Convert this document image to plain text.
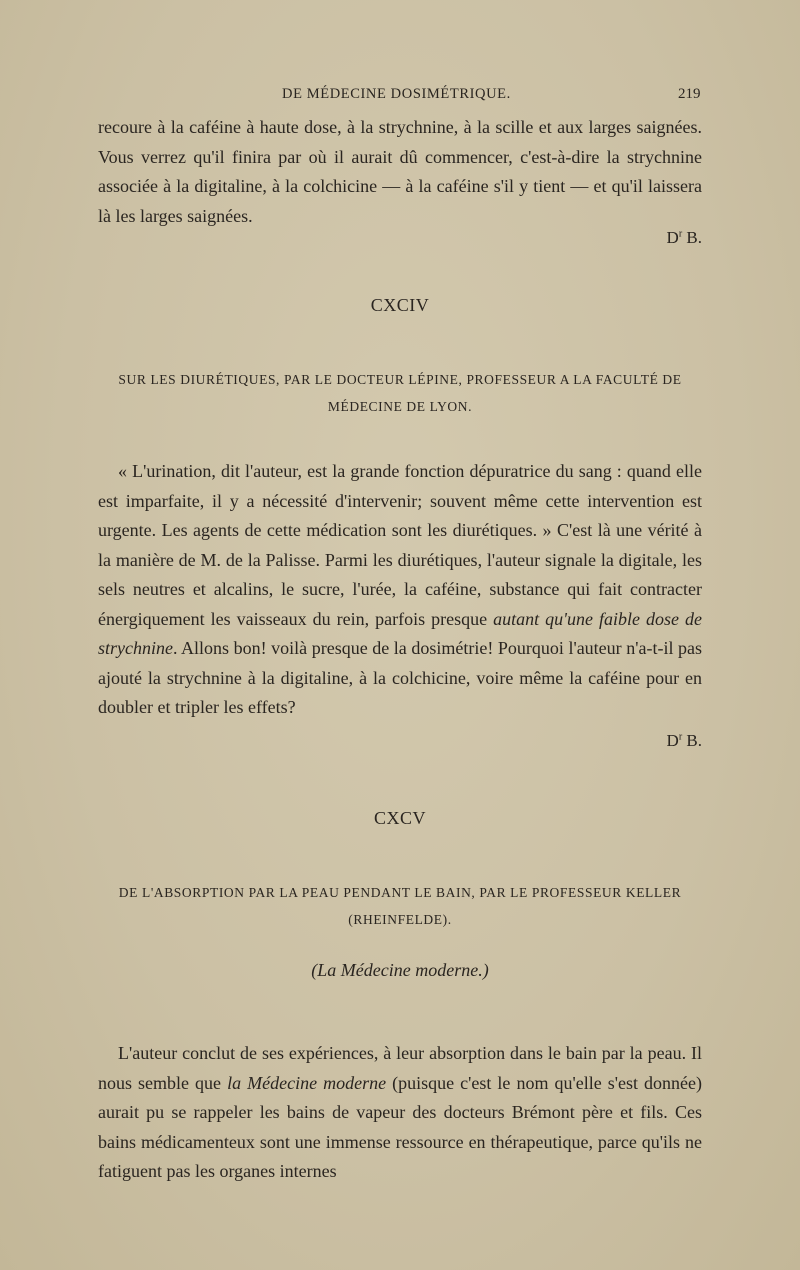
DE MÉDECINE DOSIMÉTRIQUE.	219

recoure à la caféine à haute dose, à la strychnine, à la scille et aux larges saignées. Vous verrez qu'il finira par où il aurait dû commencer, c'est-à-dire la strychnine associée à la digitaline, à la colchicine — à la caféine s'il y tient — et qu'il laissera là les larges saignées.

$D^r$ B.
CXCIV
SUR LES DIURÉTIQUES, PAR LE DOCTEUR LÉPINE, PROFESSEUR A LA FACULTÉ DE MÉDECINE DE LYON.

« L'urination, dit l'auteur, est la grande fonction dépuratrice du sang : quand elle est imparfaite, il y a nécessité d'intervenir; souvent même cette intervention est urgente. Les agents de cette médication sont les diurétiques. » C'est là une vérité à la manière de M. de la Palisse. Parmi les diurétiques, l'auteur signale la digitale, les sels neutres et alcalins, le sucre, l'urée, la caféine, substance qui fait contracter énergiquement les vaisseaux du rein, parfois presque autant qu'une faible dose de strychnine. Allons bon! voilà presque de la dosimétrie! Pourquoi l'auteur n'a-t-il pas ajouté la strychnine à la digitaline, à la colchicine, voire même la caféine pour en doubler et tripler les effets?

$D^r$ B.
CXCV
DE L'ABSORPTION PAR LA PEAU PENDANT LE BAIN, PAR LE PROFESSEUR KELLER (RHEINFELDE).
(La Médecine moderne.)

L'auteur conclut de ses expériences, à leur absorption dans le bain par la peau. Il nous semble que la Médecine moderne (puisque c'est le nom qu'elle s'est donnée) aurait pu se rappeler les bains de vapeur des docteurs Brémont père et fils. Ces bains médicamenteux sont une immense ressource en thérapeutique, parce qu'ils ne fatiguent pas les organes internes
